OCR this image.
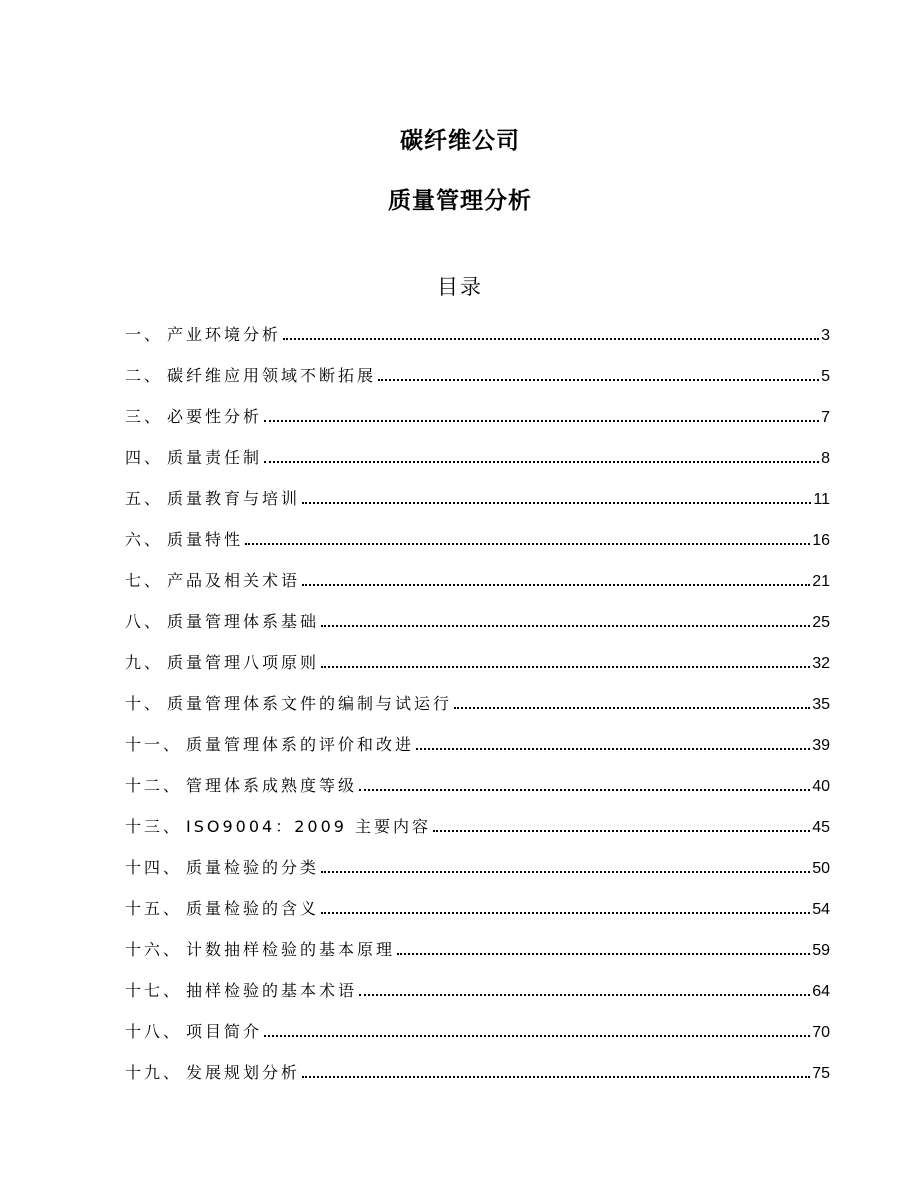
碳纤维公司
质量管理分析
目录
一、 产业环境分析	3
二、 碳纤维应用领域不断拓展	5
三、 必要性分析	7
四、 质量责任制	8
五、 质量教育与培训	11
六、 质量特性	16
七、 产品及相关术语	21
八、 质量管理体系基础	25
九、 质量管理八项原则	32
十、 质量管理体系文件的编制与试运行	35
十一、 质量管理体系的评价和改进	39
十二、 管理体系成熟度等级	40
十三、 ISO9004：2009 主要内容	45
十四、 质量检验的分类	50
十五、 质量检验的含义	54
十六、 计数抽样检验的基本原理	59
十七、 抽样检验的基本术语	64
十八、 项目简介	70
十九、 发展规划分析	75
